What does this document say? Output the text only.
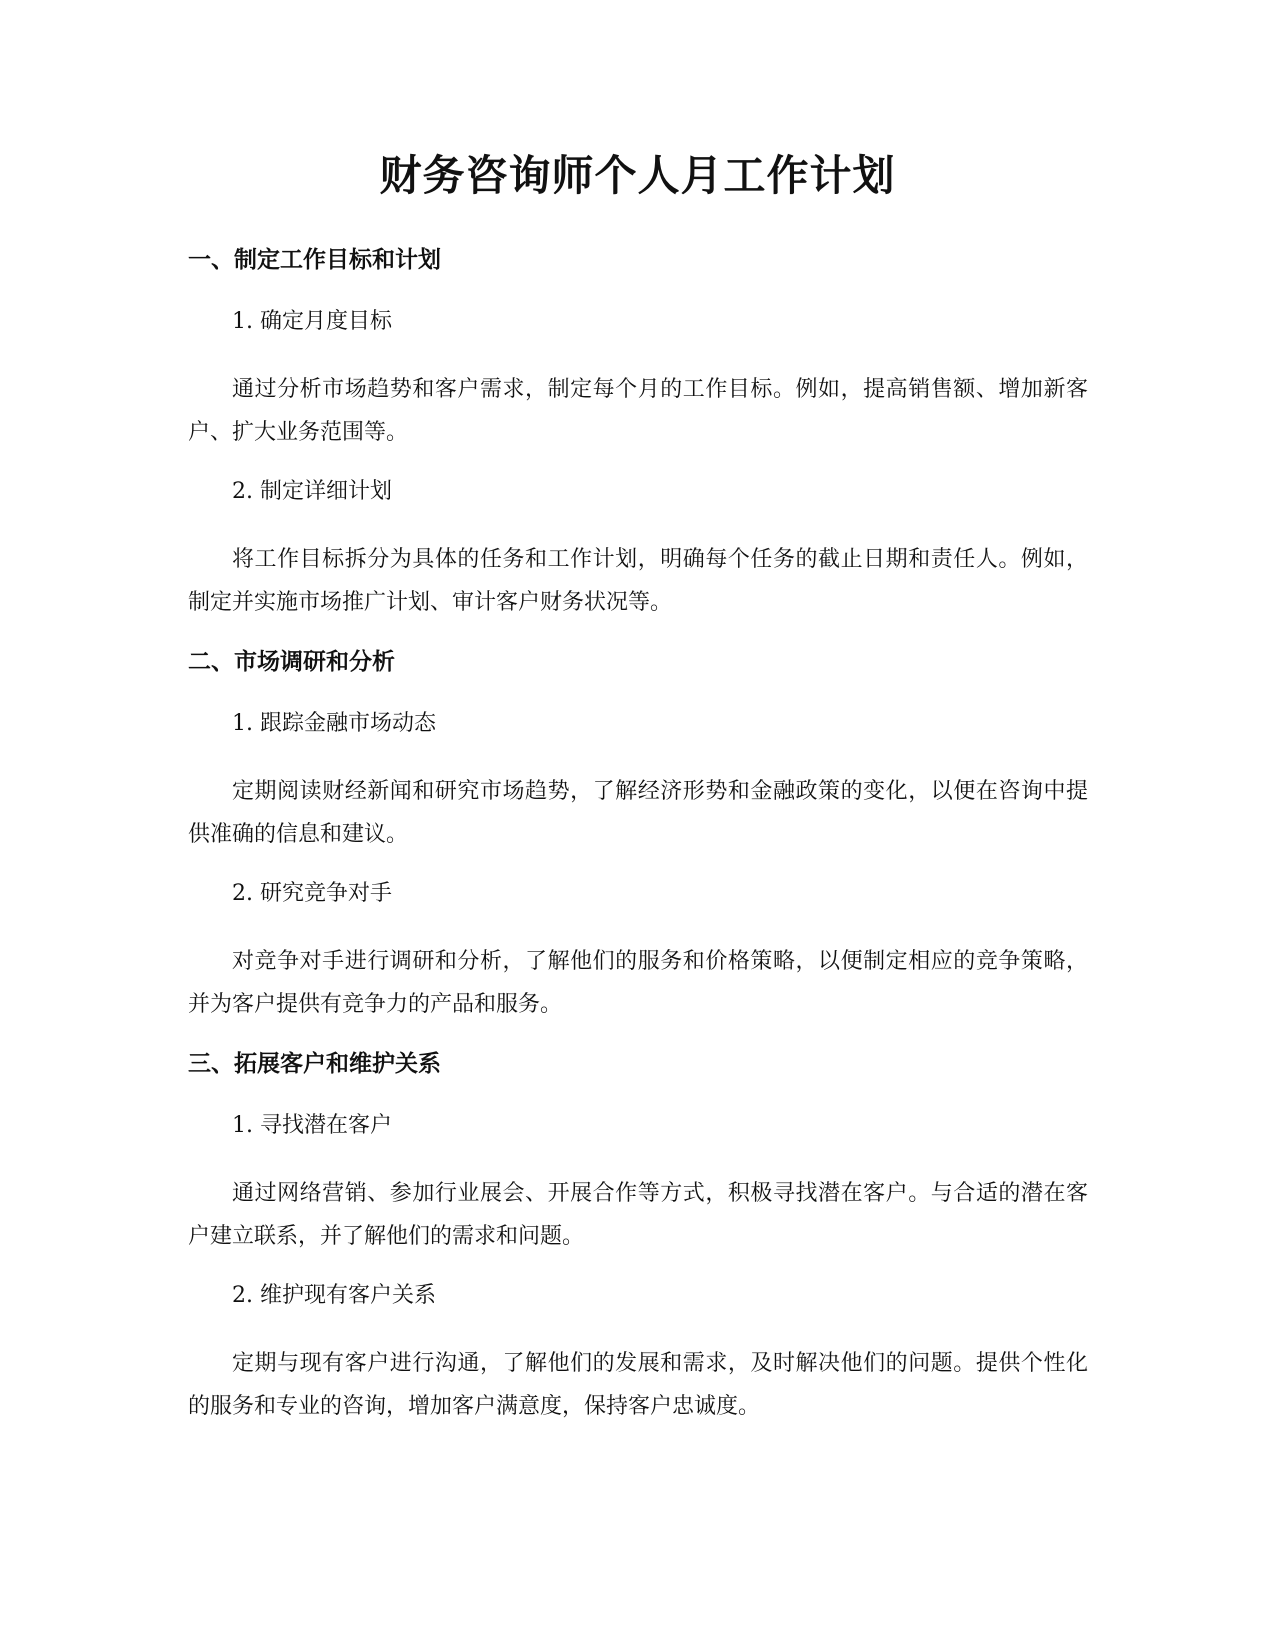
财务咨询师个人月工作计划
一、制定工作目标和计划

1. 确定月度目标

通过分析市场趋势和客户需求，制定每个月的工作目标。例如，提高销售额、增加新客户、扩大业务范围等。

2. 制定详细计划

将工作目标拆分为具体的任务和工作计划，明确每个任务的截止日期和责任人。例如，制定并实施市场推广计划、审计客户财务状况等。

二、市场调研和分析

1. 跟踪金融市场动态

定期阅读财经新闻和研究市场趋势，了解经济形势和金融政策的变化，以便在咨询中提供准确的信息和建议。

2. 研究竞争对手

对竞争对手进行调研和分析，了解他们的服务和价格策略，以便制定相应的竞争策略，并为客户提供有竞争力的产品和服务。

三、拓展客户和维护关系

1. 寻找潜在客户

通过网络营销、参加行业展会、开展合作等方式，积极寻找潜在客户。与合适的潜在客户建立联系，并了解他们的需求和问题。

2. 维护现有客户关系

定期与现有客户进行沟通，了解他们的发展和需求，及时解决他们的问题。提供个性化的服务和专业的咨询，增加客户满意度，保持客户忠诚度。
